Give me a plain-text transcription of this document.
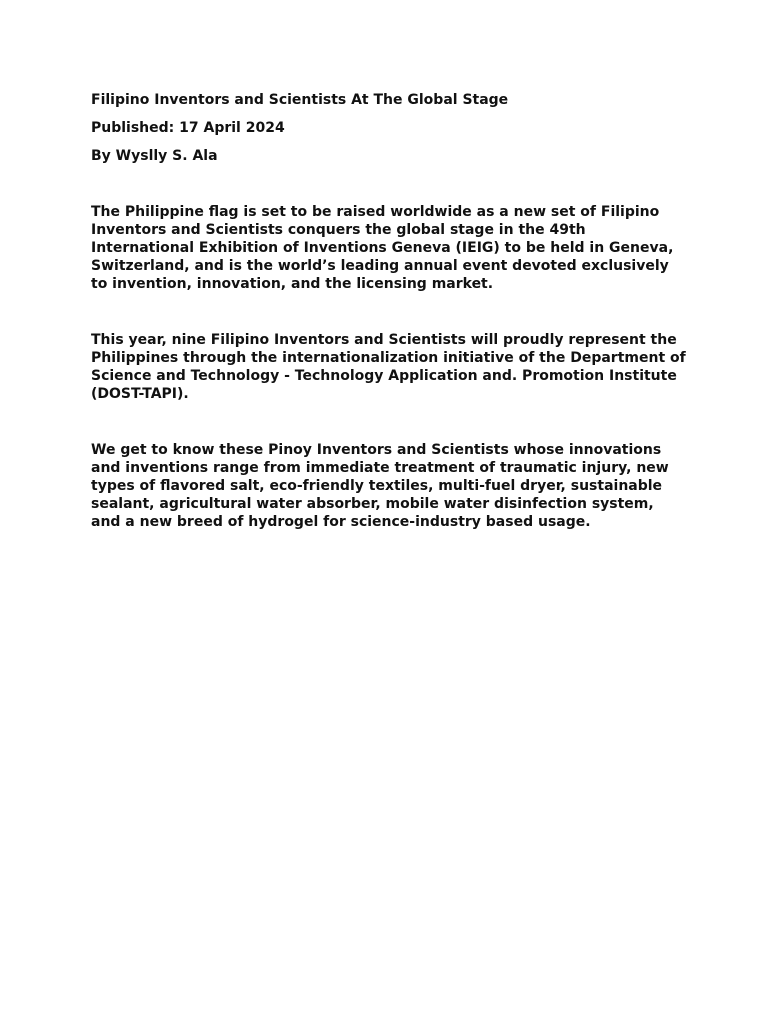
Filipino Inventors and Scientists At The Global Stage

Published: 17 April 2024

By Wyslly S. Ala

The Philippine flag is set to be raised worldwide as a new set of Filipino
Inventors and Scientists conquers the global stage in the 49th
International Exhibition of Inventions Geneva (IEIG) to be held in Geneva,
Switzerland, and is the world’s leading annual event devoted exclusively
to invention, innovation, and the licensing market.

This year, nine Filipino Inventors and Scientists will proudly represent the
Philippines through the internationalization initiative of the Department of
Science and Technology - Technology Application and. Promotion Institute
(DOST-TAPI).

We get to know these Pinoy Inventors and Scientists whose innovations
and inventions range from immediate treatment of traumatic injury, new
types of flavored salt, eco-friendly textiles, multi-fuel dryer, sustainable
sealant, agricultural water absorber, mobile water disinfection system,
and a new breed of hydrogel for science-industry based usage.
